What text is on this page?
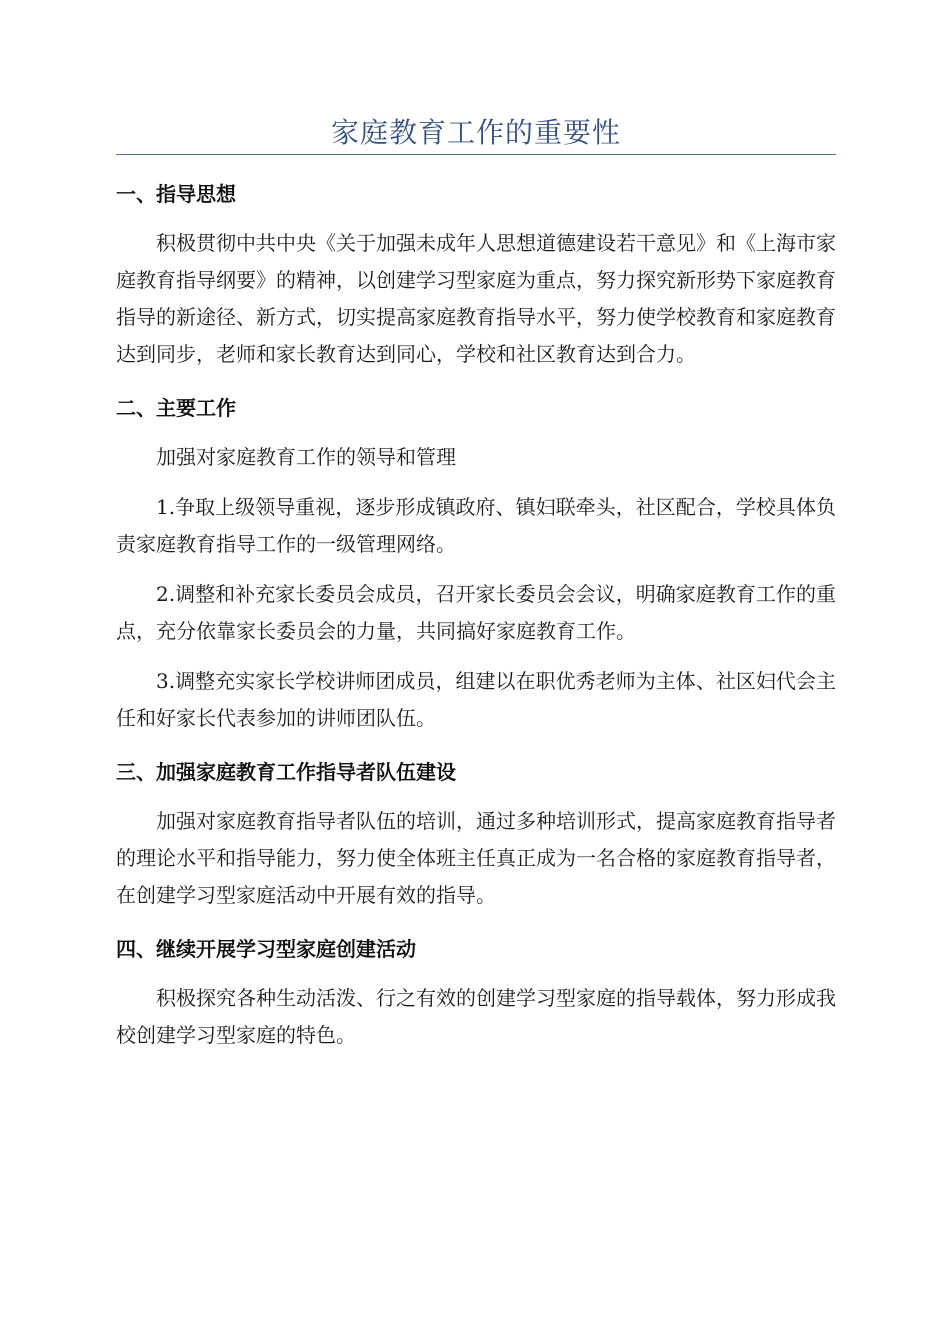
家庭教育工作的重要性
一、指导思想

积极贯彻中共中央《关于加强未成年人思想道德建设若干意见》和《上海市家庭教育指导纲要》的精神，以创建学习型家庭为重点，努力探究新形势下家庭教育指导的新途径、新方式，切实提高家庭教育指导水平，努力使学校教育和家庭教育达到同步，老师和家长教育达到同心，学校和社区教育达到合力。

二、主要工作

加强对家庭教育工作的领导和管理

1.争取上级领导重视，逐步形成镇政府、镇妇联牵头，社区配合，学校具体负责家庭教育指导工作的一级管理网络。

2.调整和补充家长委员会成员，召开家长委员会会议，明确家庭教育工作的重点，充分依靠家长委员会的力量，共同搞好家庭教育工作。

3.调整充实家长学校讲师团成员，组建以在职优秀老师为主体、社区妇代会主任和好家长代表参加的讲师团队伍。

三、加强家庭教育工作指导者队伍建设

加强对家庭教育指导者队伍的培训，通过多种培训形式，提高家庭教育指导者的理论水平和指导能力，努力使全体班主任真正成为一名合格的家庭教育指导者，在创建学习型家庭活动中开展有效的指导。

四、继续开展学习型家庭创建活动

积极探究各种生动活泼、行之有效的创建学习型家庭的指导载体，努力形成我校创建学习型家庭的特色。
